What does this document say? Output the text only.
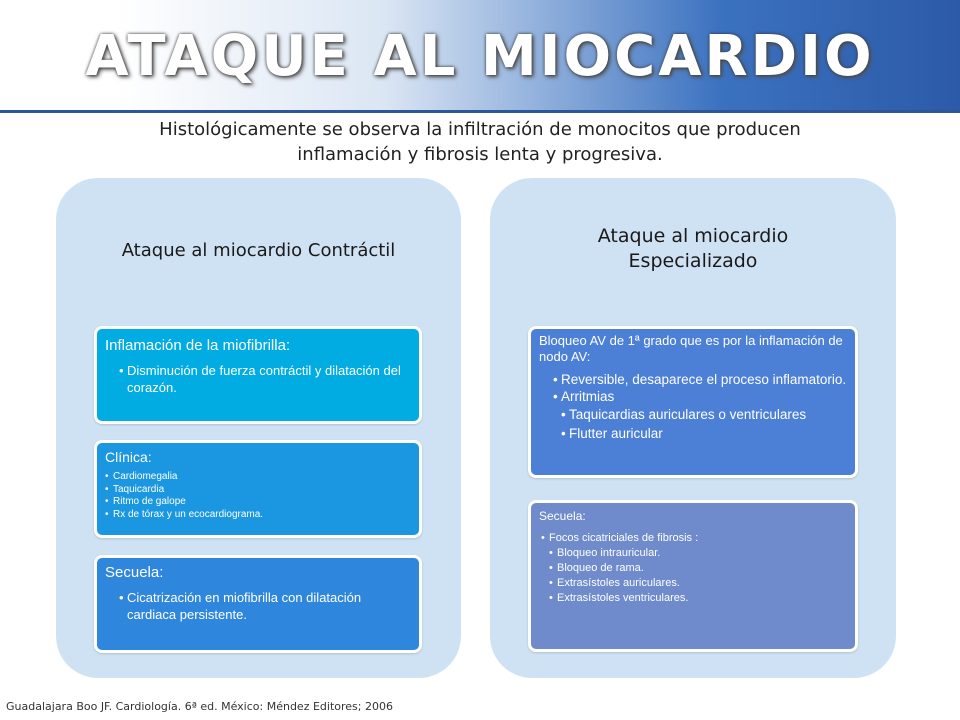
ATAQUE AL MIOCARDIO
Histológicamente se observa la infiltración de monocitos que producen
inflamación y fibrosis lenta y progresiva.
Ataque al miocardio Contráctil
Inflamación de la miofibrilla:
• Disminución de fuerza contráctil y dilatación del corazón.
Clínica:
• Cardiomegalia
• Taquicardia
• Ritmo de galope
• Rx de tórax y un ecocardiograma.
Secuela:
• Cicatrización en miofibrilla con dilatación cardiaca persistente.
Ataque al miocardio
Especializado
Bloqueo AV de 1ª grado que es por la inflamación de nodo AV:
• Reversible, desaparece el proceso inflamatorio.
• Arritmias
• Taquicardias auriculares o ventriculares
• Flutter auricular
Secuela:
• Focos cicatriciales de fibrosis :
• Bloqueo intrauricular.
• Bloqueo de rama.
• Extrasístoles auriculares.
• Extrasístoles ventriculares.
Guadalajara Boo JF. Cardiología. 6ª ed. México: Méndez Editores; 2006
